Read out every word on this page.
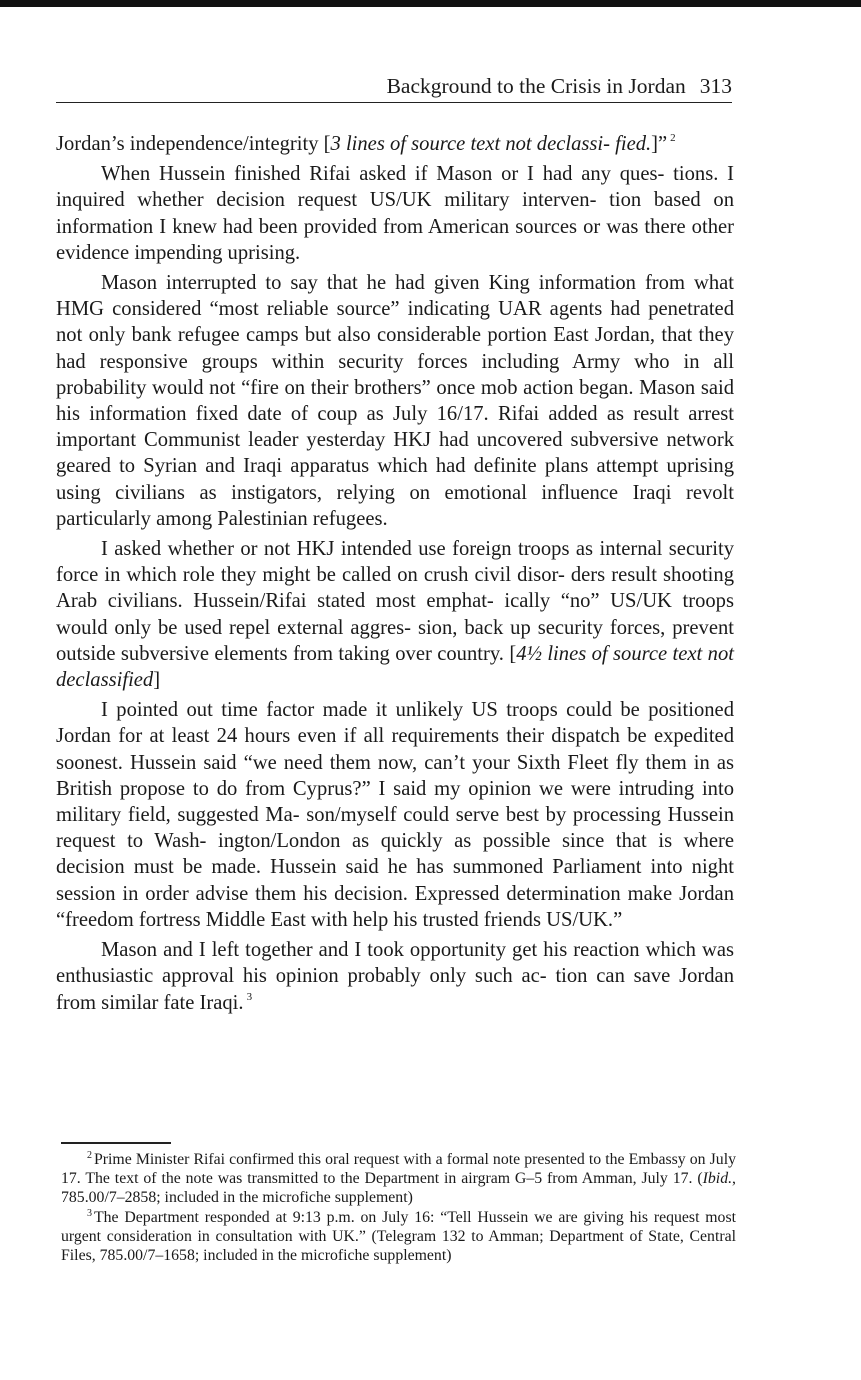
Background to the Crisis in Jordan 313

Jordan’s independence/integrity [3 lines of source text not declassi- fied.]” $^2$

When Hussein finished Rifai asked if Mason or I had any ques- tions. I inquired whether decision request US/UK military interven- tion based on information I knew had been provided from American sources or was there other evidence impending uprising.

Mason interrupted to say that he had given King information from what HMG considered “most reliable source” indicating UAR agents had penetrated not only bank refugee camps but also considerable portion East Jordan, that they had responsive groups within security forces including Army who in all probability would not “fire on their brothers” once mob action began. Mason said his information fixed date of coup as July 16/17. Rifai added as result arrest important Communist leader yesterday HKJ had uncovered subversive network geared to Syrian and Iraqi apparatus which had definite plans attempt uprising using civilians as instigators, relying on emotional influence Iraqi revolt particularly among Palestinian refugees.

I asked whether or not HKJ intended use foreign troops as internal security force in which role they might be called on crush civil disor- ders result shooting Arab civilians. Hussein/Rifai stated most emphat- ically “no” US/UK troops would only be used repel external aggres- sion, back up security forces, prevent outside subversive elements from taking over country. [4½ lines of source text not declassified]

I pointed out time factor made it unlikely US troops could be positioned Jordan for at least 24 hours even if all requirements their dispatch be expedited soonest. Hussein said “we need them now, can’t your Sixth Fleet fly them in as British propose to do from Cyprus?” I said my opinion we were intruding into military field, suggested Ma- son/myself could serve best by processing Hussein request to Wash- ington/London as quickly as possible since that is where decision must be made. Hussein said he has summoned Parliament into night session in order advise them his decision. Expressed determination make Jordan “freedom fortress Middle East with help his trusted friends US/UK.”

Mason and I left together and I took opportunity get his reaction which was enthusiastic approval his opinion probably only such ac- tion can save Jordan from similar fate Iraqi. $^3$

$^2$ Prime Minister Rifai confirmed this oral request with a formal note presented to the Embassy on July 17. The text of the note was transmitted to the Department in airgram G–5 from Amman, July 17. (Ibid., 785.00/7–2858; included in the microfiche supplement)

$^3$ The Department responded at 9:13 p.m. on July 16: “Tell Hussein we are giving his request most urgent consideration in consultation with UK.” (Telegram 132 to Amman; Department of State, Central Files, 785.00/7–1658; included in the microfiche supplement)
